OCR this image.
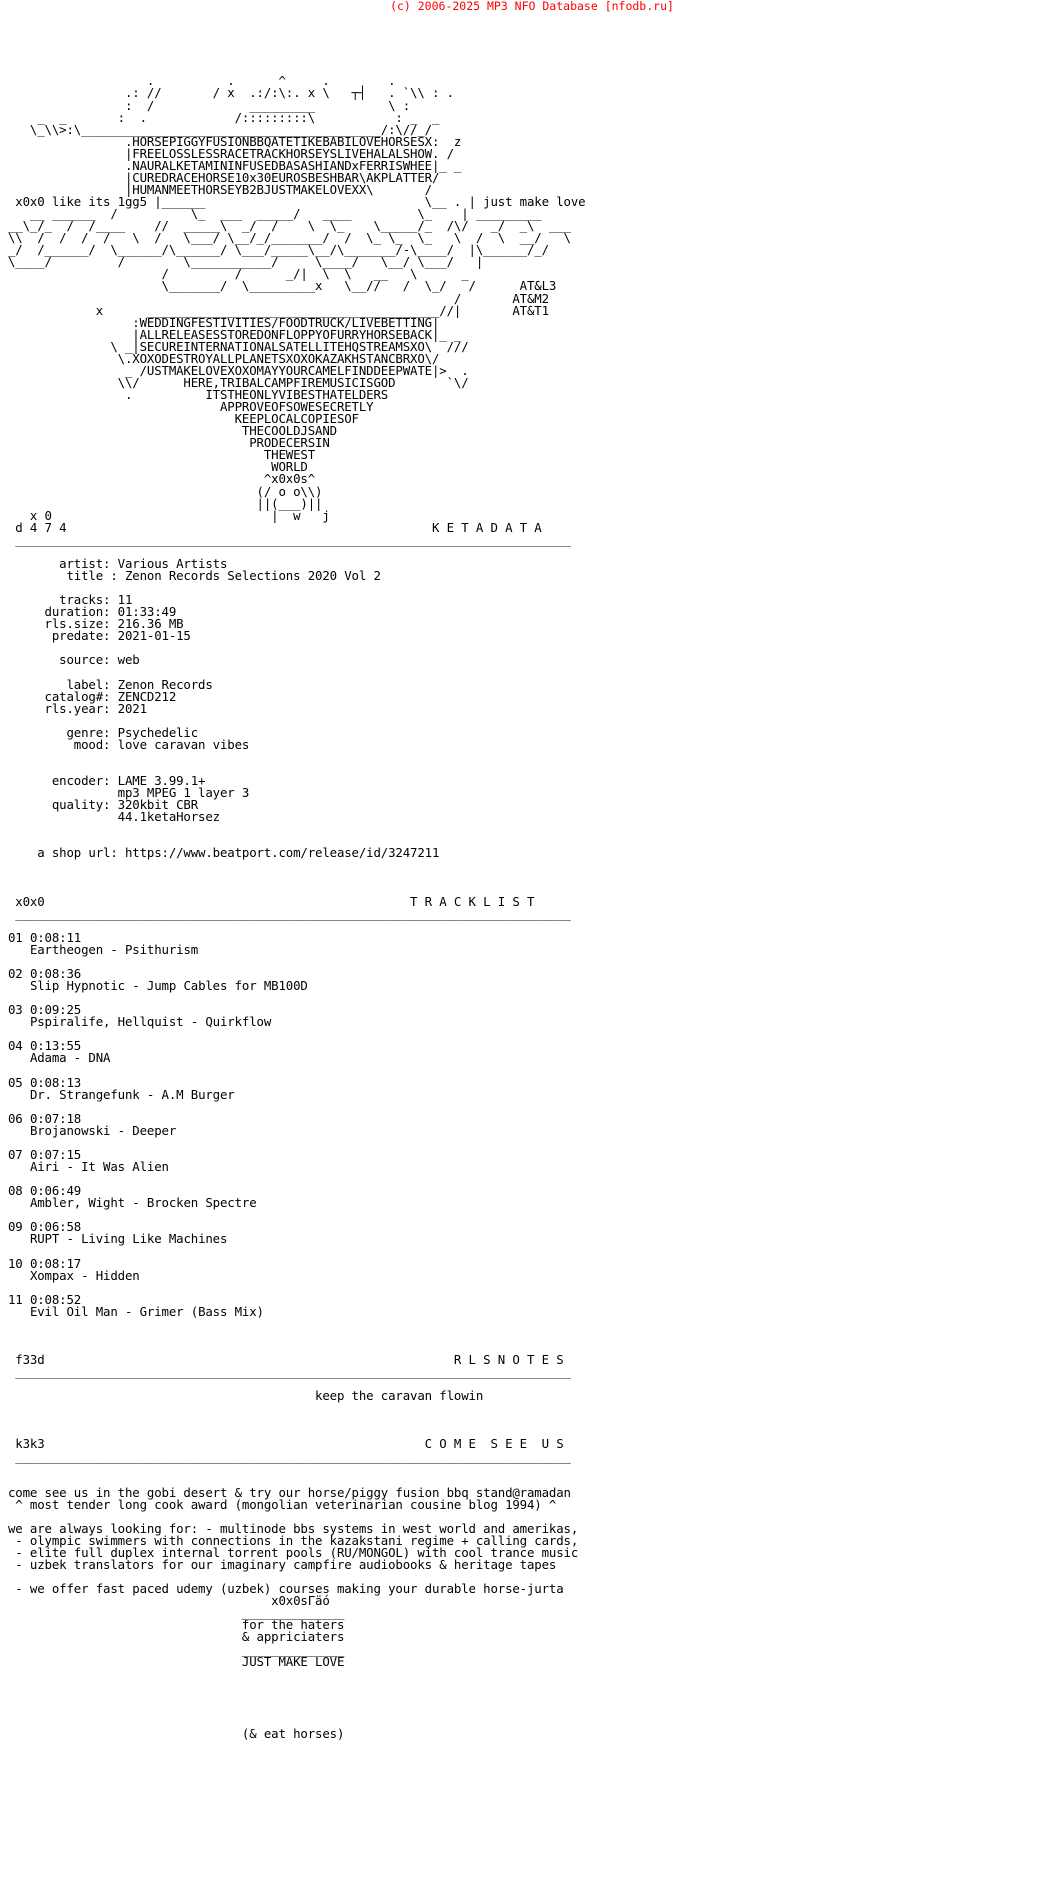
(c) 2006-2025 MP3 NFO Database [nfodb.ru]

.          .      ^     .        .
.: //       / x  .:/:\:. x \   ┬┤   . `\\ : .
:  /             _________          \ :
_  _       :  .            /:::::::::\           : _  _
\_\\>:\_________________________________________/:\//_/
.HORSEPIGGYFUSIONBBQATETIKEBABILOVEHORSESX:  z
|FREELOSSLESSRACETRACKHORSEYSLIVEHALALSHOW. /
.NAURALKETAMININFUSEDBASASHIANDxFERRISWHEE|_ _
|CUREDRACEHORSE10x30EUROSBESHBAR\AKPLATTER/
|HUMANMEETHORSEYB2BJUSTMAKELOVEXX\       /
x0x0 like its 1gg5 |______                              \__ . | just make love
__ ______  /          \_  ___  _____/   ____         \_    | _________
__\_/_  /  /____    //  _____\  _/  /    \  \_    \_____/_  /\/   _/  _\  ___
\\  /  /  /  /   \  /   \___/ \__/_/_______/  /  \_ \_  \_   \  /  \  __/   \
_/  /______/  \______/\______/ \___/_____\__/\_______/-\____/  |\______/_/
\____/         /        \___________/     \____/   \__/ \___/   |
/         /      _/|  \  \   __   \      _
\_______/  \_________x   \__//   /  \_/   /      AT&L3
/       AT&M2
x      ________________________________________//|       AT&T1
:WEDDINGFESTIVITIES/FOODTRUCK/LIVEBETTING|
|ALLRELEASESSTOREDONFLOPPYOFURRYHORSEBACK|_ _
\ _|SECUREINTERNATIONALSATELLITEHQSTREAMSXO\  ///
\.XOXODESTROYALLPLANETSXOXOKAZAKHSTANCBRXO\/
_ /USTMAKELOVEXOXOMAYYOURCAMELFINDDEEPWATE|>  .
\\/      HERE,TRIBALCAMPFIREMUSICISGOD       `\/
.          ITSTHEONLYVIBESTHATELDERS
APPROVEOFSOWESECRETLY
KEEPLOCALCOPIESOF
THECOOLDJSAND
PRODECERSIN
THEWEST
WORLD
^x0x0s^
(/ o o\\)
||(___)||
x 0                              |  w   j
d 4 7 4                                                  K E T A D A T A
____________________________________________________________________________

artist: Various Artists
title : Zenon Records Selections 2020 Vol 2

tracks: 11
duration: 01:33:49
rls.size: 216.36 MB
predate: 2021-01-15

source: web

label: Zenon Records
catalog#: ZENCD212
rls.year: 2021

genre: Psychedelic
mood: love caravan vibes

encoder: LAME 3.99.1+
mp3 MPEG 1 layer 3
quality: 320kbit CBR
44.1ketaHorsez

a shop url: https://www.beatport.com/release/id/3247211

x0x0                                                  T R A C K L I S T
____________________________________________________________________________

01 0:08:11
Eartheogen - Psithurism

02 0:08:36
Slip Hypnotic - Jump Cables for MB100D

03 0:09:25
Pspiralife, Hellquist - Quirkflow

04 0:13:55
Adama - DNA

05 0:08:13
Dr. Strangefunk - A.M Burger

06 0:07:18
Brojanowski - Deeper

07 0:07:15
Airi - It Was Alien

08 0:06:49
Ambler, Wight - Brocken Spectre

09 0:06:58
RUPT - Living Like Machines

10 0:08:17
Xompax - Hidden

11 0:08:52
Evil Oil Man - Grimer (Bass Mix)

f33d                                                        R L S N O T E S
____________________________________________________________________________

keep the caravan flowin

k3k3                                                    C O M E  S E E  U S
____________________________________________________________________________

come see us in the gobi desert & try our horse/piggy fusion bbq stand@ramadan
^ most tender long cook award (mongolian veterinarian cousine blog 1994) ^

we are always looking for: - multinode bbs systems in west world and amerikas,
- olympic swimmers with connections in the kazakstani regime + calling cards,
- elite full duplex internal torrent pools (RU/MONGOL) with cool trance music
- uzbek translators for our imaginary campfire audiobooks & heritage tapes

- we offer fast paced udemy (uzbek) courses making your durable horse-jurta
x0x0sГäó
______________
for the haters
& appriciaters
______________
JUST MAKE LOVE

(& eat horses)
